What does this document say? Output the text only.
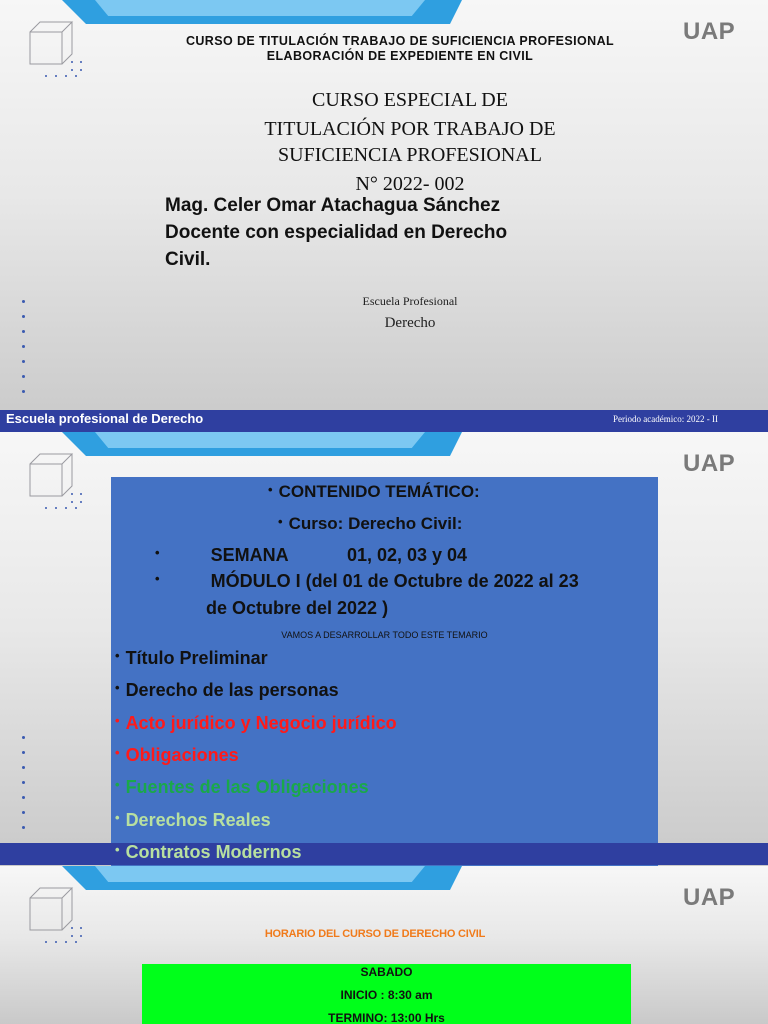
UAP
CURSO DE TITULACIÓN TRABAJO DE SUFICIENCIA PROFESIONAL
ELABORACIÓN DE EXPEDIENTE EN CIVIL
CURSO ESPECIAL DE
TITULACIÓN POR TRABAJO DE
SUFICIENCIA PROFESIONAL
N° 2022- 002
Mag. Celer Omar Atachagua Sánchez
Docente con especialidad en Derecho
Civil.
Escuela Profesional
Derecho
Escuela profesional de Derecho	Periodo académico: 2022 - II
UAP
• CONTENIDO TEMÁTICO:
• Curso: Derecho Civil:
•	SEMANA	01, 02, 03 y 04
•	MÓDULO I (del 01 de Octubre de 2022 al 23
de Octubre del 2022 )
VAMOS A DESARROLLAR TODO ESTE TEMARIO
• Título Preliminar
• Derecho de las personas
• Acto jurídico y Negocio jurídico
• Obligaciones
• Fuentes de las Obligaciones
• Derechos Reales
• Contratos Modernos
UAP
HORARIO DEL CURSO DE DERECHO CIVIL
SABADO
INICIO : 8:30 am
TERMINO: 13:00 Hrs
